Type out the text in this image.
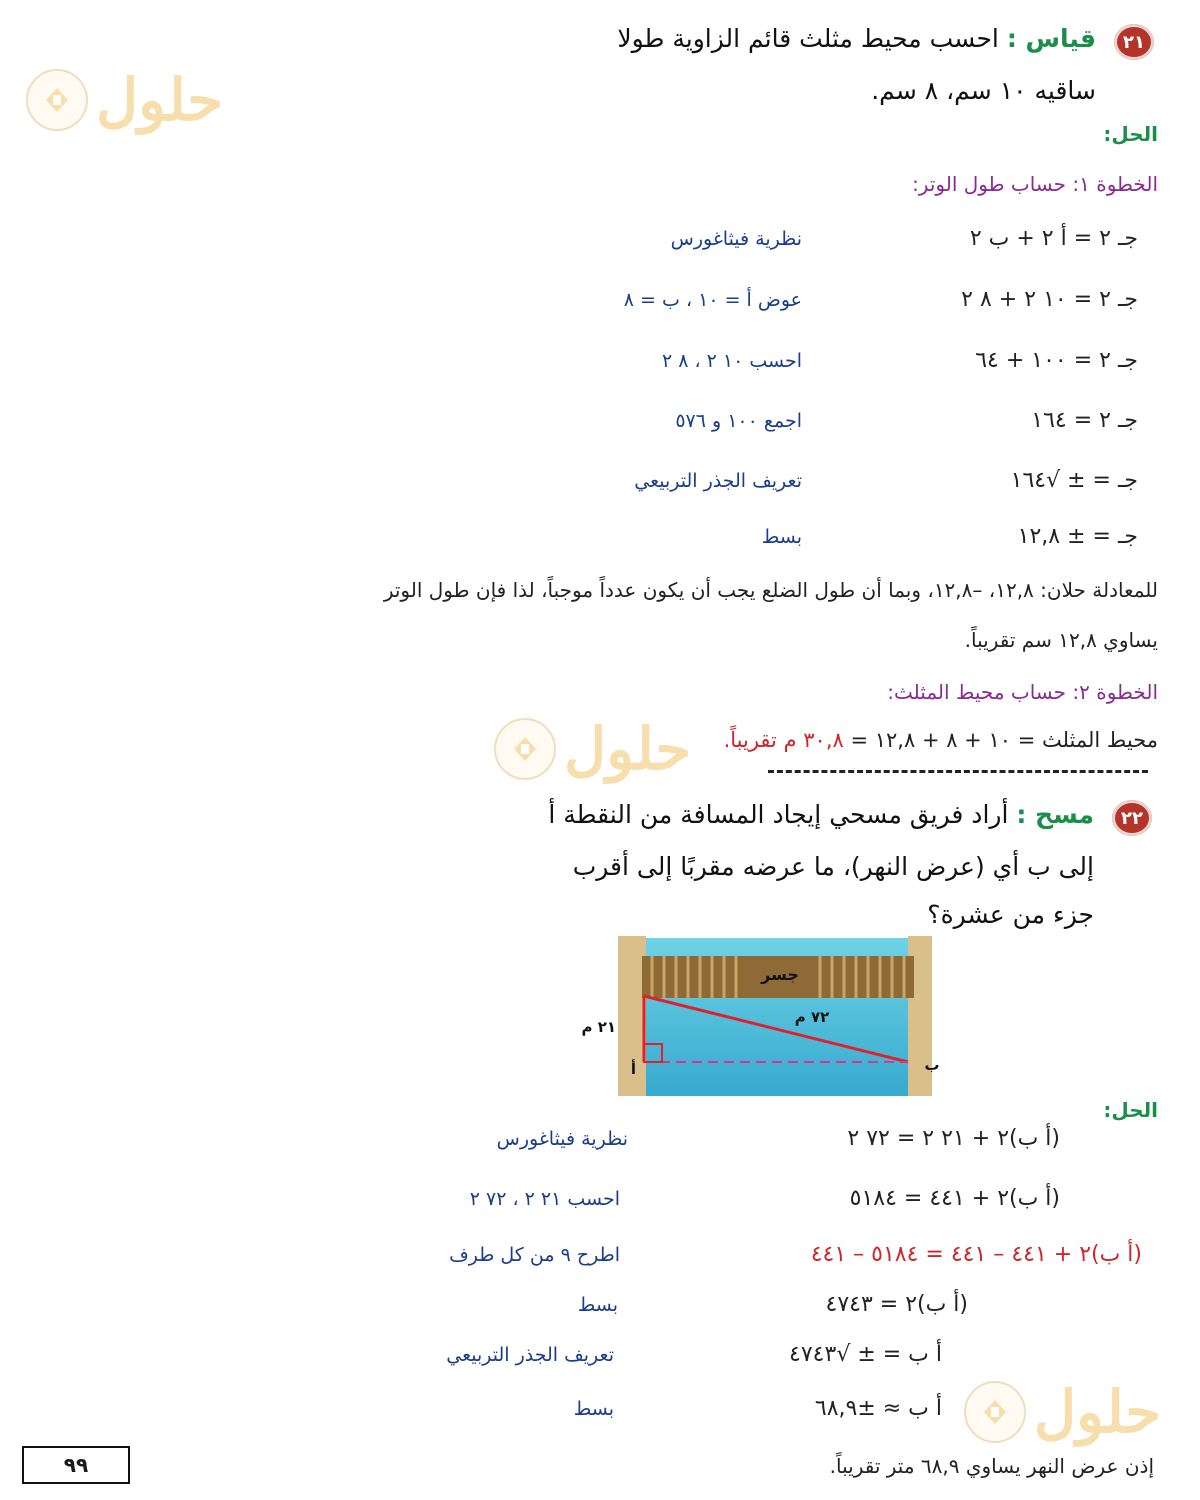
حلول
حلول
حلول
٢١
قياس : احسب محيط مثلث قائم الزاوية طولا
ساقيه ١٠ سم، ٨ سم.
الحل:
الخطوة ١: حساب طول الوتر:
جـ ٢ = أ ٢ + ب ٢
نظرية فيثاغورس
جـ ٢ = ١٠ ٢ + ٨ ٢
عوض أ = ١٠ ، ب = ٨
جـ ٢ = ١٠٠ + ٦٤
احسب ١٠ ٢ ، ٨ ٢
جـ ٢ = ١٦٤
اجمع ١٠٠ و ٥٧٦
جـ = ± √١٦٤
تعريف الجذر التربيعي
جـ = ± ١٢,٨
بسط
للمعادلة حلان: ١٢,٨، –١٢,٨، وبما أن طول الضلع يجب أن يكون عدداً موجباً، لذا فإن طول الوتر
يساوي ١٢,٨ سم تقريباً.
الخطوة ٢: حساب محيط المثلث:
محيط المثلث = ١٠ + ٨ + ١٢,٨ = ٣٠,٨ م تقريباً.
٢٢
مسح : أراد فريق مسحي إيجاد المسافة من النقطة أ
إلى ب أي (عرض النهر)، ما عرضه مقربًا إلى أقرب
جزء من عشرة؟
جسر
٧٢ م
٢١ م
أ	ب
الحل:
(أ ب)٢ + ٢١ ٢ = ٧٢ ٢
نظرية فيثاغورس
(أ ب)٢ + ٤٤١ = ٥١٨٤
احسب ٢١ ٢ ، ٧٢ ٢
(أ ب)٢ + ٤٤١ – ٤٤١ = ٥١٨٤ – ٤٤١
اطرح ٩ من كل طرف
(أ ب)٢ = ٤٧٤٣
بسط
أ ب = ± √٤٧٤٣
تعريف الجذر التربيعي
أ ب ≈ ±٦٨,٩
بسط
إذن عرض النهر يساوي ٦٨,٩ متر تقريباً.
٩٩
